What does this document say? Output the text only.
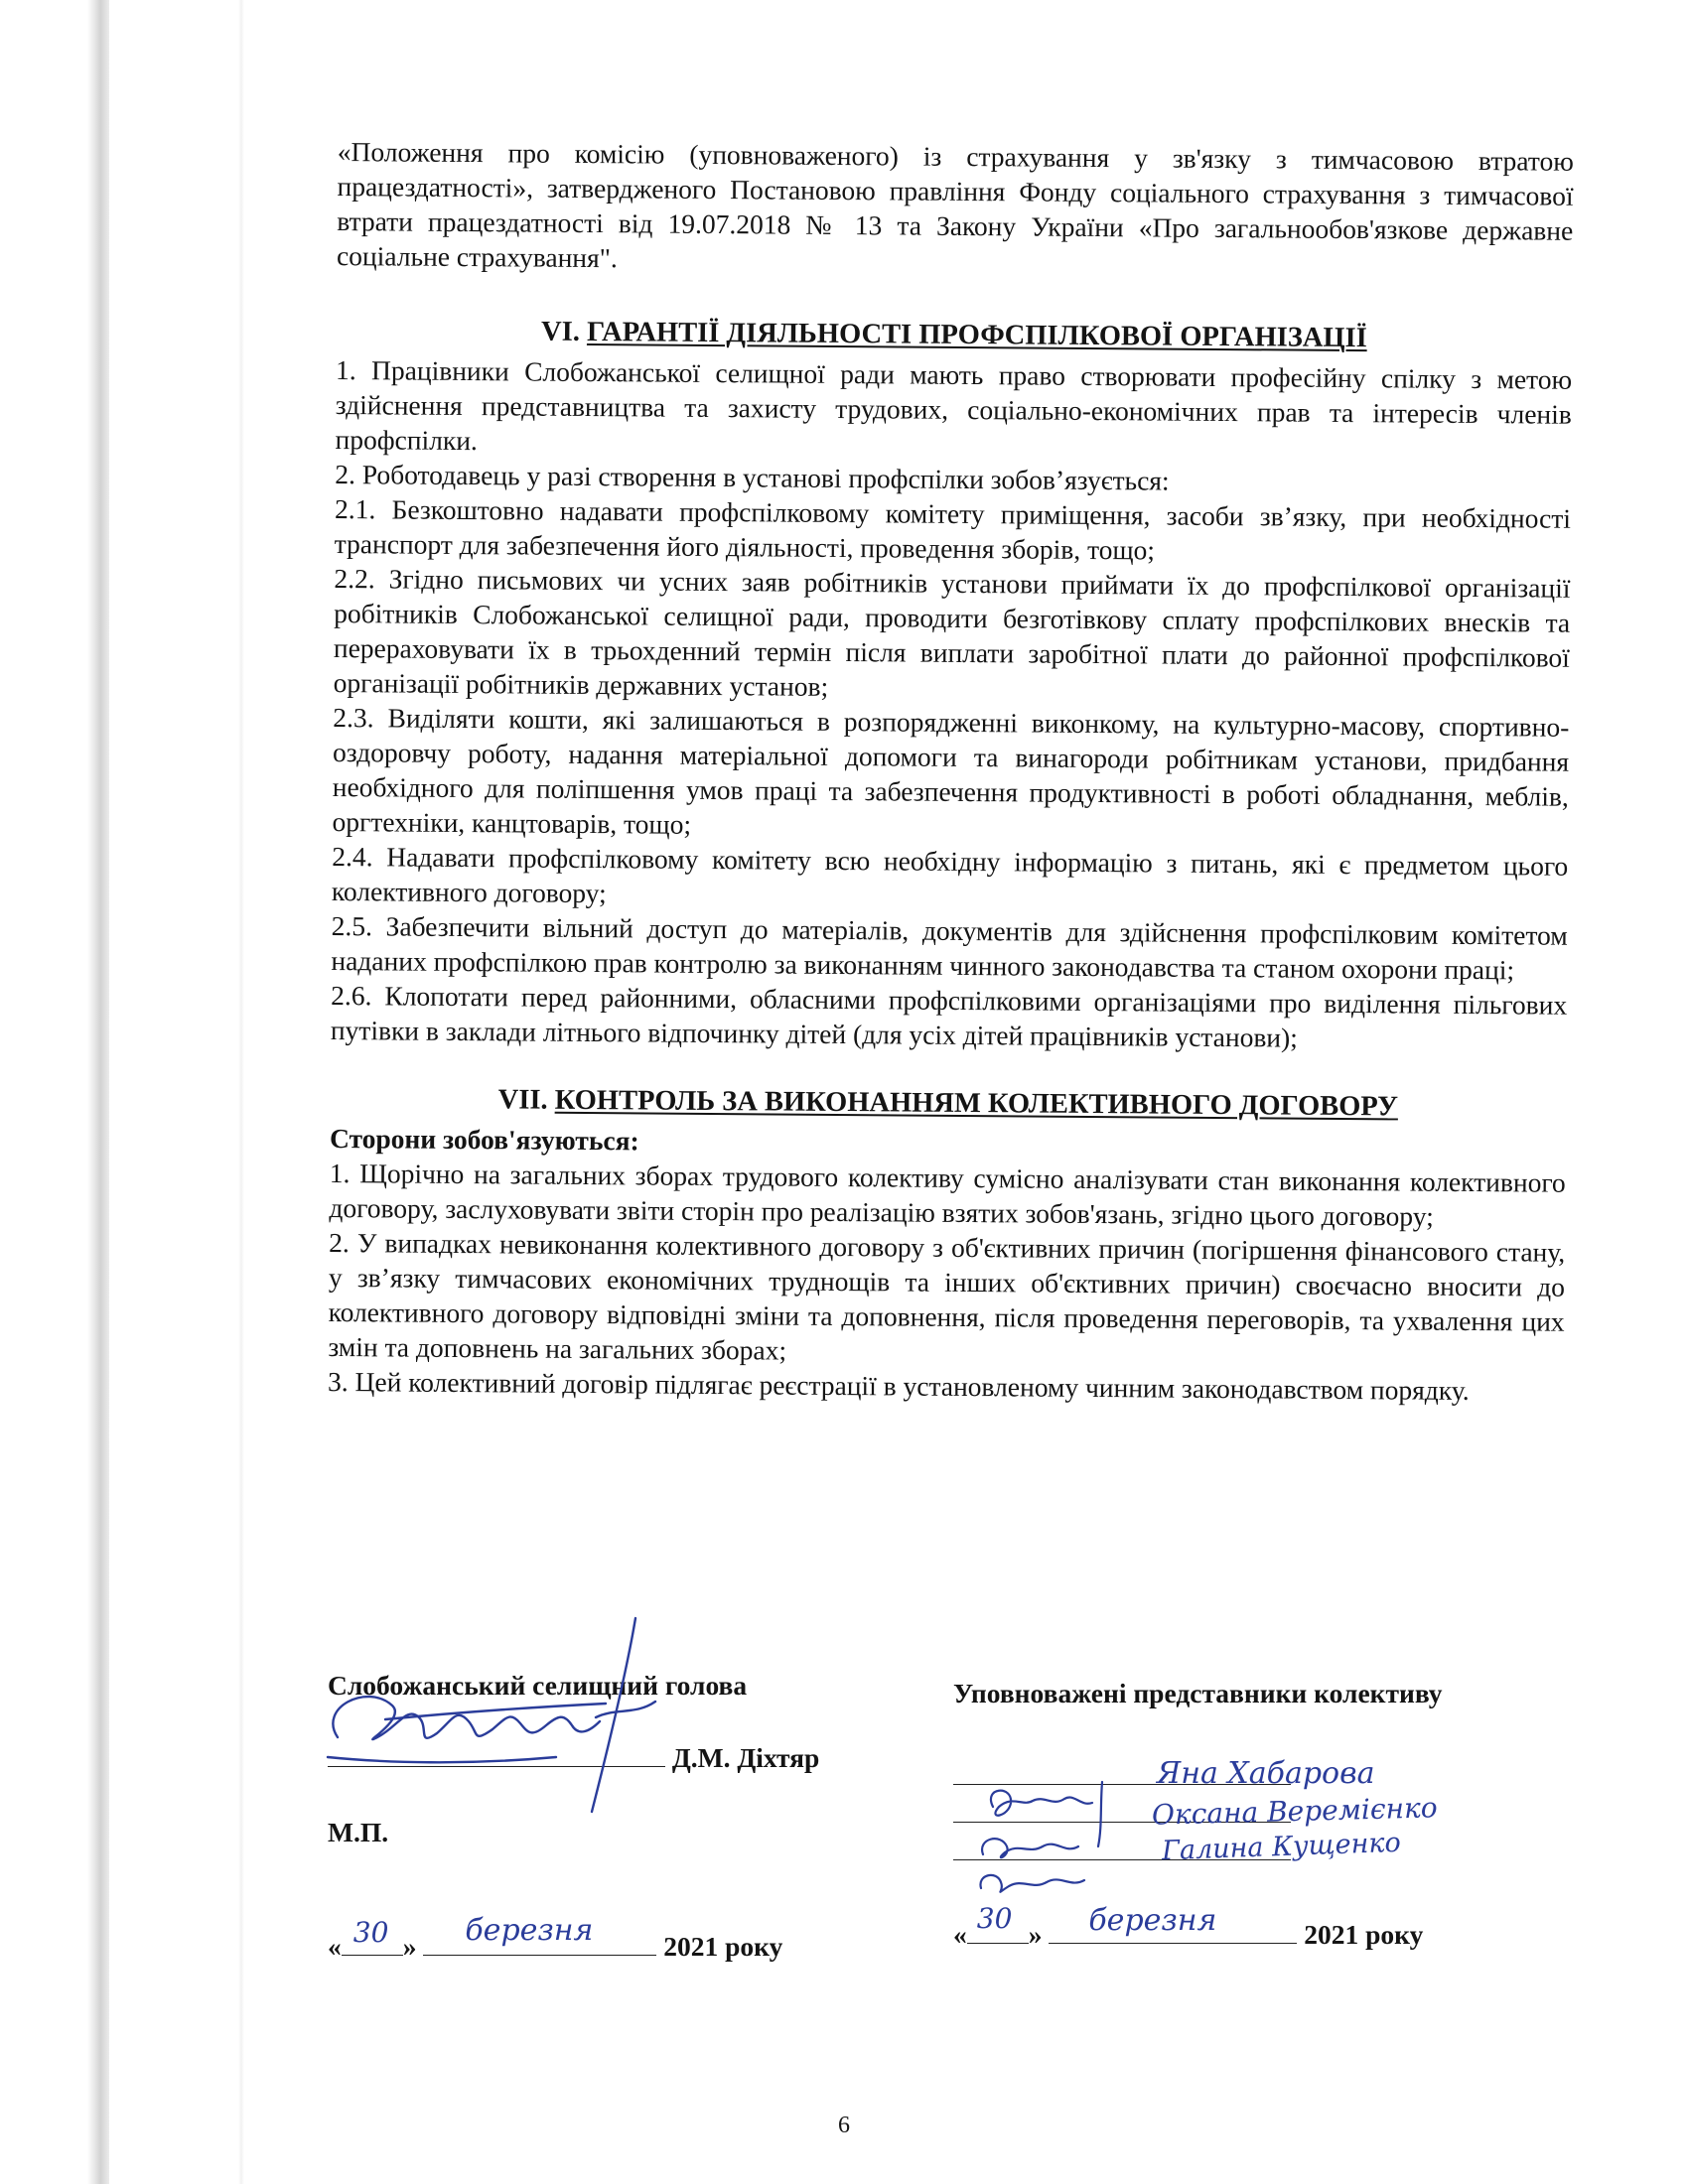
«Положення про комісію (уповноваженого) із страхування у зв'язку з тимчасовою втратою працездатності», затвердженого Постановою правління Фонду соціального страхування з тимчасової втрати працездатності від 19.07.2018 № 13 та Закону України «Про загальнообов'язкове державне соціальне страхування".

VI. ГАРАНТІЇ ДІЯЛЬНОСТІ ПРОФСПІЛКОВОЇ ОРГАНІЗАЦІЇ

1. Працівники Слобожанської селищної ради мають право створювати професійну спілку з метою здійснення представництва та захисту трудових, соціально-економічних прав та інтересів членів профспілки.

2. Роботодавець у разі створення в установі профспілки зобов’язується:

2.1. Безкоштовно надавати профспілковому комітету приміщення, засоби зв’язку, при необхідності транспорт для забезпечення його діяльності, проведення зборів, тощо;

2.2. Згідно письмових чи усних заяв робітників установи приймати їх до профспілкової організації робітників Слобожанської селищної ради, проводити безготівкову сплату профспілкових внесків та перераховувати їх в трьохденний термін після виплати заробітної плати до районної профспілкової організації робітників державних установ;

2.3. Виділяти кошти, які залишаються в розпорядженні виконкому, на культурно-масову, спортивно-оздоровчу роботу, надання матеріальної допомоги та винагороди робітникам установи, придбання необхідного для поліпшення умов праці та забезпечення продуктивності в роботі обладнання, меблів, оргтехніки, канцтоварів, тощо;

2.4. Надавати профспілковому комітету всю необхідну інформацію з питань, які є предметом цього колективного договору;

2.5. Забезпечити вільний доступ до матеріалів, документів для здійснення профспілковим комітетом наданих профспілкою прав контролю за виконанням чинного законодавства та станом охорони праці;

2.6. Клопотати перед районними, обласними профспілковими організаціями про виділення пільгових путівки в заклади літнього відпочинку дітей (для усіх дітей працівників установи);

VII. КОНТРОЛЬ ЗА ВИКОНАННЯМ КОЛЕКТИВНОГО ДОГОВОРУ

Сторони зобов'язуються:

1. Щорічно на загальних зборах трудового колективу сумісно аналізувати стан виконання колективного договору, заслуховувати звіти сторін про реалізацію взятих зобов'язань, згідно цього договору;

2. У випадках невиконання колективного договору з об'єктивних причин (погіршення фінансового стану, у зв’язку тимчасових економічних труднощів та інших об'єктивних причин) своєчасно вносити до колективного договору відповідні зміни та доповнення, після проведення переговорів, та ухвалення цих змін та доповнень на загальних зборах;

3. Цей колективний договір підлягає реєстрації в установленому чинним законодавством порядку.

Слобожанський селищний голова
Д.М. Діхтяр
М.П.
« 30 » березня	2021 року
Уповноважені представники колективу
Яна Хабарова
Оксана Веремієнко
Галина Кущенко
« 30 » березня	2021 року
6
